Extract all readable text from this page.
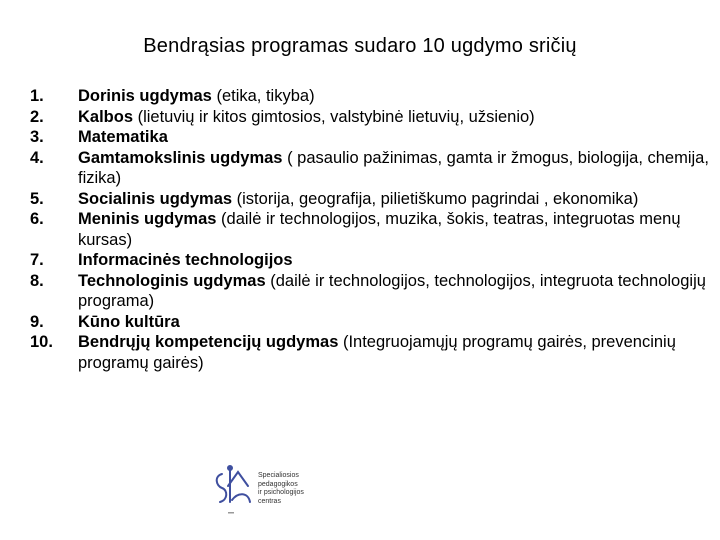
Bendrąsias programas sudaro 10 ugdymo sričių
1.	Dorinis ugdymas (etika, tikyba)
2.	Kalbos (lietuvių ir kitos gimtosios, valstybinė lietuvių, užsienio)
3.	Matematika
4.	Gamtamokslinis ugdymas ( pasaulio pažinimas, gamta ir žmogus, biologija, chemija, fizika)
5.	Socialinis ugdymas (istorija, geografija, pilietiškumo pagrindai , ekonomika)
6.	Meninis ugdymas (dailė ir technologijos, muzika, šokis, teatras, integruotas menų kursas)
7.	Informacinės technologijos
8.	Technologinis ugdymas (dailė ir technologijos, technologijos, integruota technologijų programa)
9.	Kūno kultūra
10.	Bendrųjų kompetencijų ugdymas (Integruojamųjų programų gairės, prevencinių programų gairės)
Specialiosios
pedagogikos
ir psichologijos
centras
